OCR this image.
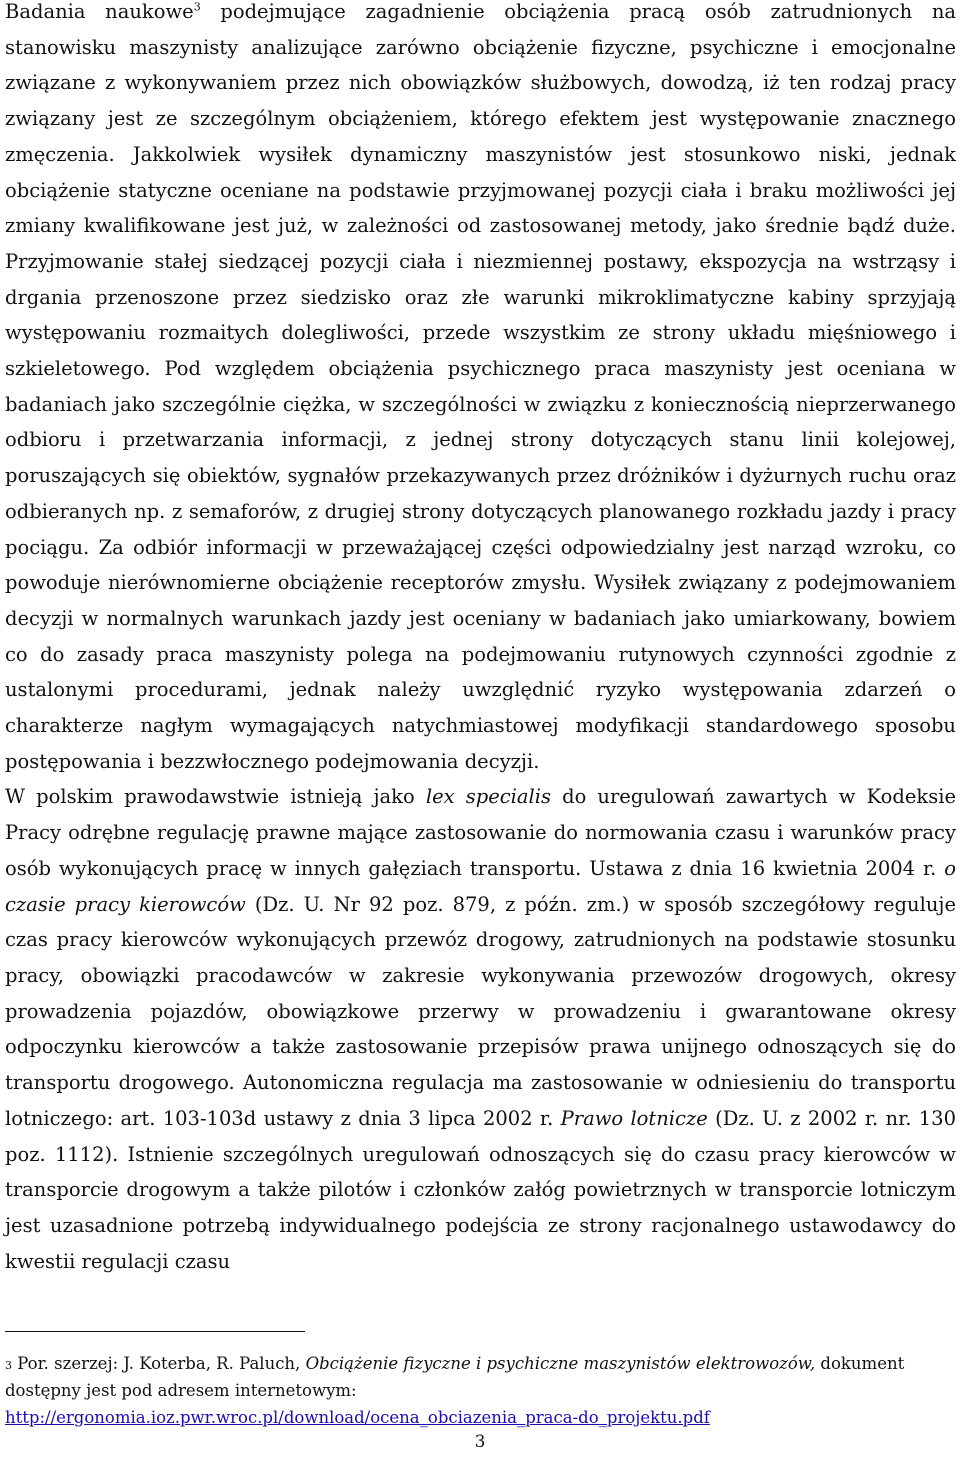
Badania naukowe$^3$ podejmujące zagadnienie obciążenia pracą osób zatrudnionych na stanowisku maszynisty analizujące zarówno obciążenie fizyczne, psychiczne i emocjonalne związane z wykonywaniem przez nich obowiązków służbowych, dowodzą, iż ten rodzaj pracy związany jest ze szczególnym obciążeniem, którego efektem jest występowanie znacznego zmęczenia. Jakkolwiek wysiłek dynamiczny maszynistów jest stosunkowo niski, jednak obciążenie statyczne oceniane na podstawie przyjmowanej pozycji ciała i braku możliwości jej zmiany kwalifikowane jest już, w zależności od zastosowanej metody, jako średnie bądź duże. Przyjmowanie stałej siedzącej pozycji ciała i niezmiennej postawy, ekspozycja na wstrząsy i drgania przenoszone przez siedzisko oraz złe warunki mikroklimatyczne kabiny sprzyjają występowaniu rozmaitych dolegliwości, przede wszystkim ze strony układu mięśniowego i szkieletowego. Pod względem obciążenia psychicznego praca maszynisty jest oceniana w badaniach jako szczególnie ciężka, w szczególności w związku z koniecznością nieprzerwanego odbioru i przetwarzania informacji, z jednej strony dotyczących stanu linii kolejowej, poruszających się obiektów, sygnałów przekazywanych przez dróżników i dyżurnych ruchu oraz odbieranych np. z semaforów, z drugiej strony dotyczących planowanego rozkładu jazdy i pracy pociągu. Za odbiór informacji w przeważającej części odpowiedzialny jest narząd wzroku, co powoduje nierównomierne obciążenie receptorów zmysłu. Wysiłek związany z podejmowaniem decyzji w normalnych warunkach jazdy jest oceniany w badaniach jako umiarkowany, bowiem co do zasady praca maszynisty polega na podejmowaniu rutynowych czynności zgodnie z ustalonymi procedurami, jednak należy uwzględnić ryzyko występowania zdarzeń o charakterze nagłym wymagających natychmiastowej modyfikacji standardowego sposobu postępowania i bezzwłocznego podejmowania decyzji.

W polskim prawodawstwie istnieją jako lex specialis do uregulowań zawartych w Kodeksie Pracy odrębne regulację prawne mające zastosowanie do normowania czasu i warunków pracy osób wykonujących pracę w innych gałęziach transportu. Ustawa z dnia 16 kwietnia 2004 r. o czasie pracy kierowców (Dz. U. Nr 92 poz. 879, z późn. zm.) w sposób szczegółowy reguluje czas pracy kierowców wykonujących przewóz drogowy, zatrudnionych na podstawie stosunku pracy, obowiązki pracodawców w zakresie wykonywania przewozów drogowych, okresy prowadzenia pojazdów, obowiązkowe przerwy w prowadzeniu i gwarantowane okresy odpoczynku kierowców a także zastosowanie przepisów prawa unijnego odnoszących się do transportu drogowego. Autonomiczna regulacja ma zastosowanie w odniesieniu do transportu lotniczego: art. 103-103d ustawy z dnia 3 lipca 2002 r. Prawo lotnicze (Dz. U. z 2002 r. nr. 130 poz. 1112). Istnienie szczególnych uregulowań odnoszących się do czasu pracy kierowców w transporcie drogowym a także pilotów i członków załóg powietrznych w transporcie lotniczym jest uzasadnione potrzebą indywidualnego podejścia ze strony racjonalnego ustawodawcy do kwestii regulacji czasu

$^3$ Por. szerzej: J. Koterba, R. Paluch, Obciążenie fizyczne i psychiczne maszynistów elektrowozów, dokument dostępny jest pod adresem internetowym:
http://ergonomia.ioz.pwr.wroc.pl/download/ocena_obciazenia_praca-do_projektu.pdf
3
